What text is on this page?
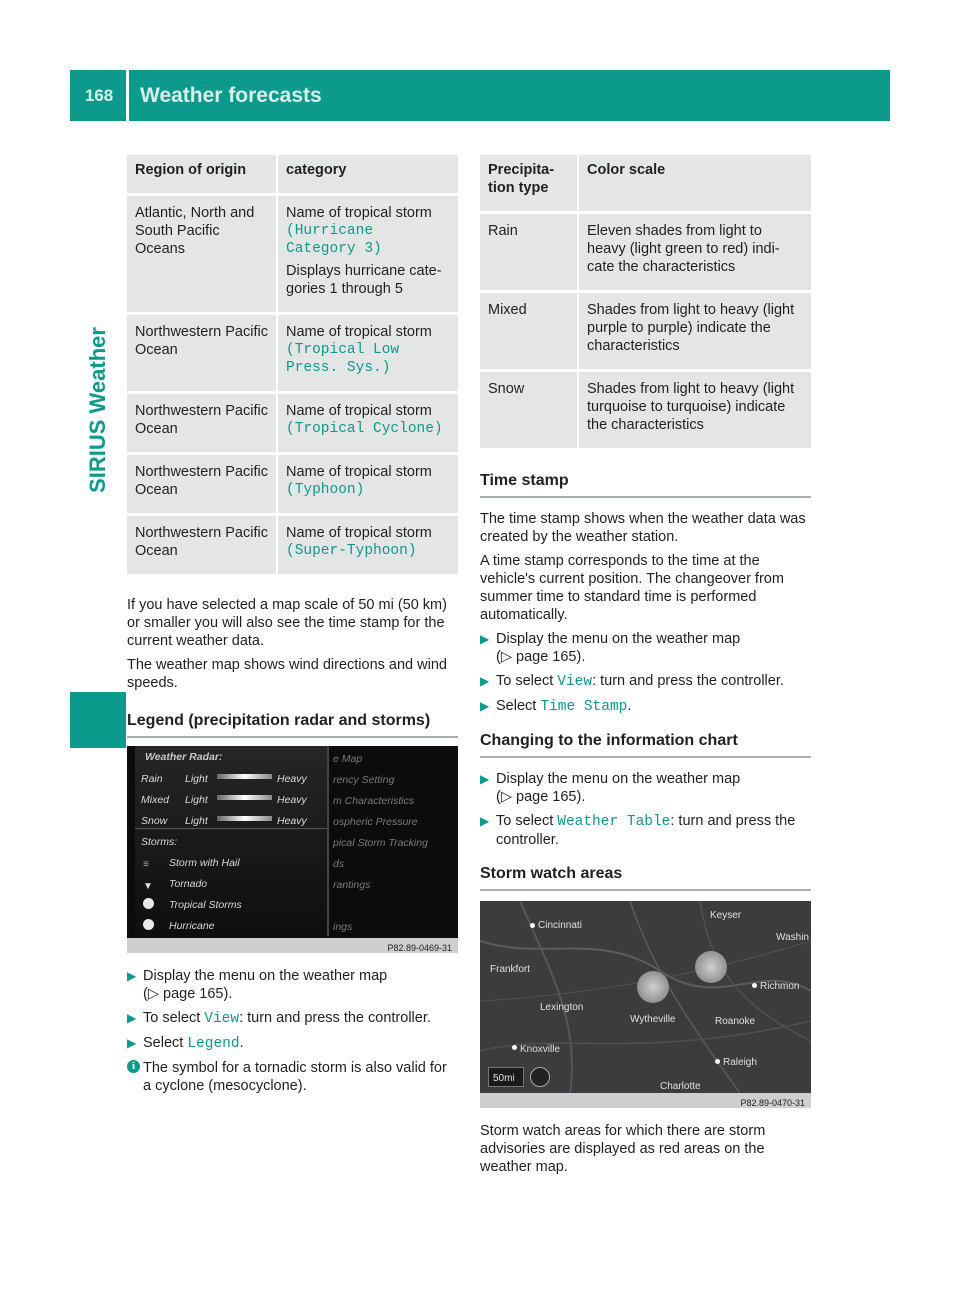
168	Weather forecasts
SIRIUS Weather
Region of origin	category
Atlantic, North and South Pacific Oceans	Name of tropical storm
(Hurricane Category 3)
Displays hurricane cate-gories 1 through 5

Northwestern Pacific Ocean	Name of tropical storm
(Tropical Low Press. Sys.)

Northwestern Pacific Ocean	Name of tropical storm
(Tropical Cyclone)

Northwestern Pacific Ocean	Name of tropical storm
(Typhoon)

Northwestern Pacific Ocean	Name of tropical storm
(Super-Typhoon)

If you have selected a map scale of 50 mi (50 km) or smaller you will also see the time stamp for the current weather data.

The weather map shows wind directions and wind speeds.

Legend (precipitation radar and storms)
Weather Radar:
Rain Light	Heavy
Mixed Light	Heavy
Snow Light	Heavy
Storms:
≡	Storm with Hail
▼ Tornado
Tropical Storms
Hurricane
e Map
rency Setting
m Characteristics
ospheric Pressure
pical Storm Tracking
ds
rantings
ings
P82.89-0469-31
▶ Display the menu on the weather map
(▷ page 165).
▶ To select View: turn and press the controller.
▶ Select Legend.
i The symbol for a tornadic storm is also valid for a cyclone (mesocyclone).
Precipita-tion type	Color scale
Rain	Eleven shades from light to heavy (light green to red) indi-cate the characteristics
Mixed	Shades from light to heavy (light purple to purple) indicate the characteristics
Snow	Shades from light to heavy (light turquoise to turquoise) indicate the characteristics
Time stamp

The time stamp shows when the weather data was created by the weather station.

A time stamp corresponds to the time at the vehicle's current position. The changeover from summer time to standard time is performed automatically.

▶ Display the menu on the weather map
(▷ page 165).
▶ To select View: turn and press the controller.
▶ Select Time Stamp.
Changing to the information chart
▶ Display the menu on the weather map
(▷ page 165).
▶ To select Weather Table: turn and press the controller.
Storm watch areas
Cincinnati
Keyser
Washin
Frankfort
Richmon
Lexington
Wytheville	Roanoke
Knoxville
Raleigh
50mi
Charlotte
P82.89-0470-31

Storm watch areas for which there are storm advisories are displayed as red areas on the weather map.
